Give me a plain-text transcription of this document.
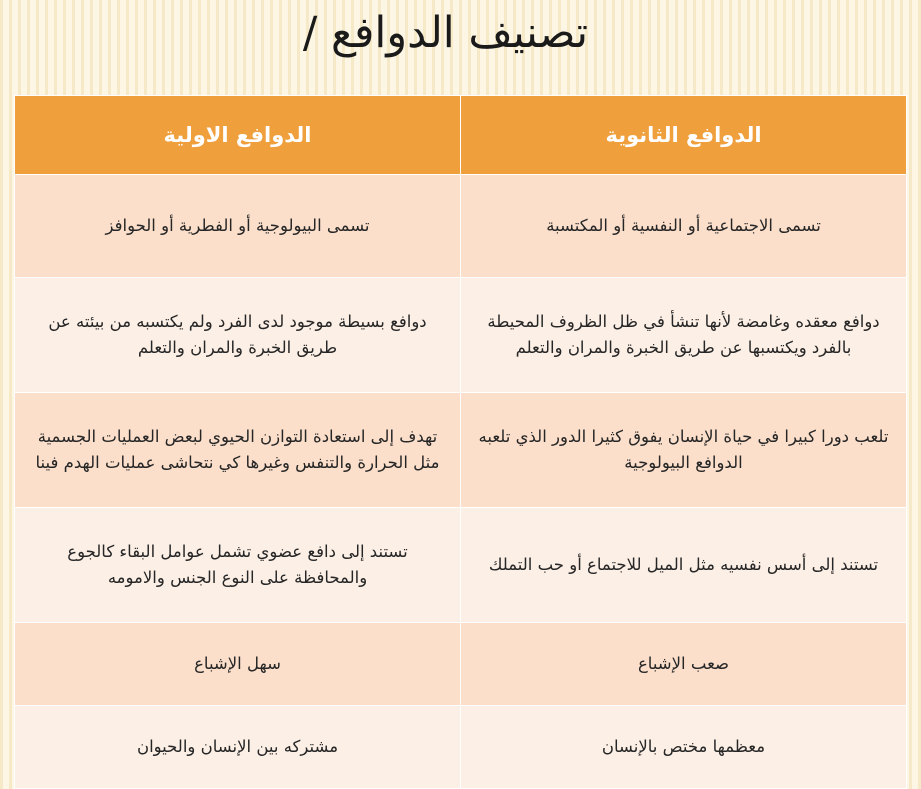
تصنيف الدوافع /
الدوافع الثانوية	الدوافع الاولية
تسمى الاجتماعية أو النفسية أو المكتسبة	تسمى البيولوجية أو الفطرية أو الحوافز
دوافع معقده وغامضة لأنها تنشأ في ظل الظروف المحيطة بالفرد ويكتسبها عن طريق الخبرة والمران والتعلم	دوافع بسيطة موجود لدى الفرد ولم يكتسبه من بيئته عن طريق الخبرة والمران والتعلم
تلعب دورا كبيرا في حياة الإنسان يفوق كثيرا الدور الذي تلعبه الدوافع البيولوجية	تهدف إلى استعادة التوازن الحيوي لبعض العمليات الجسمية مثل الحرارة والتنفس وغيرها كي نتحاشى عمليات الهدم فينا
تستند إلى أسس نفسيه مثل الميل للاجتماع أو حب التملك	تستند إلى دافع عضوي تشمل عوامل البقاء كالجوع والمحافظة على النوع الجنس والامومه
صعب الإشباع	سهل الإشباع
معظمها مختص بالإنسان	مشتركه بين الإنسان والحيوان
